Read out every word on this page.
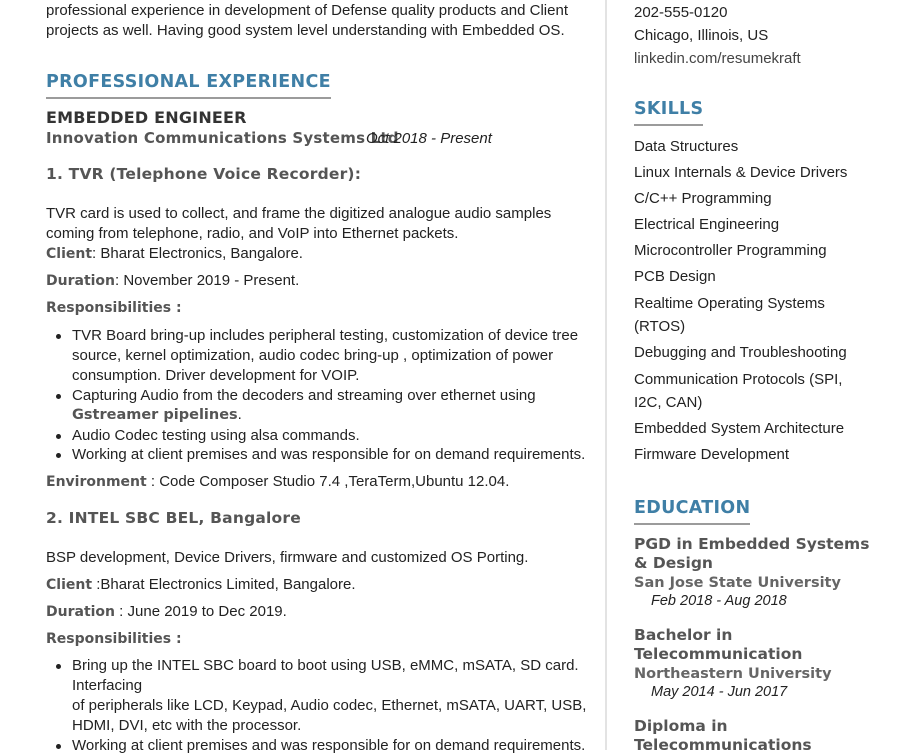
professional experience in development of Defense quality products and Client
projects as well. Having good system level understanding with Embedded OS.
PROFESSIONAL EXPERIENCE
EMBEDDED ENGINEER
Innovation Communications Systems Ltd
Oct 2018 - Present
1. TVR (Telephone Voice Recorder):
TVR card is used to collect, and frame the digitized analogue audio samples
coming from telephone, radio, and VoIP into Ethernet packets.
Client: Bharat Electronics, Bangalore.
Duration: November 2019 - Present.
Responsibilities :
TVR Board bring-up includes peripheral testing, customization of device tree
source, kernel optimization, audio codec bring-up , optimization of power
consumption. Driver development for VOIP.
Capturing Audio from the decoders and streaming over ethernet using
Gstreamer pipelines.
Audio Codec testing using alsa commands.
Working at client premises and was responsible for on demand requirements.
Environment : Code Composer Studio 7.4 ,TeraTerm,Ubuntu 12.04.
2. INTEL SBC BEL, Bangalore
BSP development, Device Drivers, firmware and customized OS Porting.
Client :Bharat Electronics Limited, Bangalore.
Duration : June 2019 to Dec 2019.
Responsibilities :
Bring up the INTEL SBC board to boot using USB, eMMC, mSATA, SD card.
Interfacing
of peripherals like LCD, Keypad, Audio codec, Ethernet, mSATA, UART, USB,
HDMI, DVI, etc with the processor.
Working at client premises and was responsible for on demand requirements.
202-555-0120
Chicago, Illinois, US
linkedin.com/resumekraft
SKILLS
Data Structures
Linux Internals & Device Drivers
C/C++ Programming
Electrical Engineering
Microcontroller Programming
PCB Design
Realtime Operating Systems
(RTOS)
Debugging and Troubleshooting
Communication Protocols (SPI,
I2C, CAN)
Embedded System Architecture
Firmware Development
EDUCATION
PGD in Embedded Systems
& Design
San Jose State University
Feb 2018 - Aug 2018
Bachelor in
Telecommunication
Northeastern University
May 2014 - Jun 2017
Diploma in
Telecommunications
